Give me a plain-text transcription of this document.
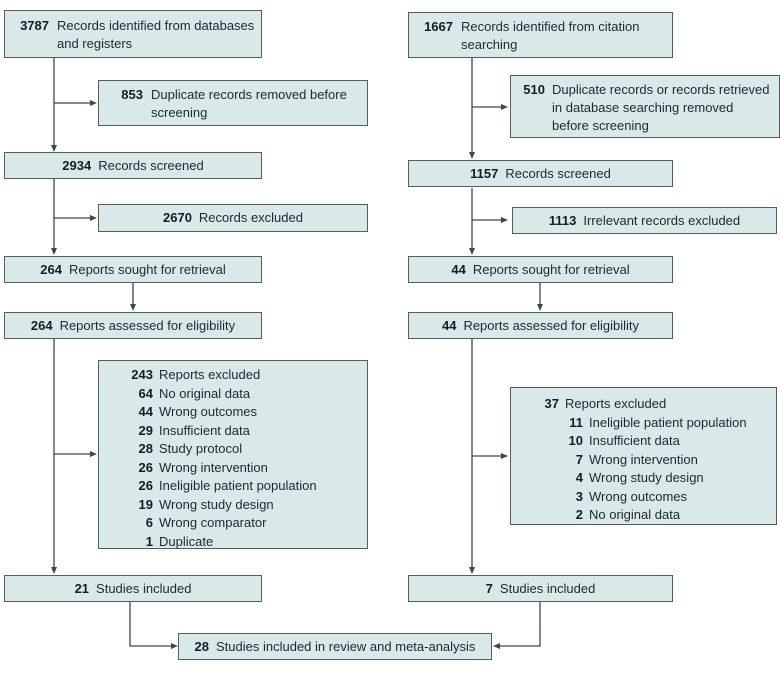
3787 Records identified from databases
and registers
853 Duplicate records removed before
screening
2934 Records screened
2670 Records excluded
264 Reports sought for retrieval
264 Reports assessed for eligibility
243 Reports excluded
64 No original data
44 Wrong outcomes
29 Insufficient data
28 Study protocol
26 Wrong intervention
26 Ineligible patient population
19 Wrong study design
6 Wrong comparator
1 Duplicate
21 Studies included
1667 Records identified from citation
searching
510 Duplicate records or records retrieved
in database searching removed
before screening
1157 Records screened
1113 Irrelevant records excluded
44 Reports sought for retrieval
44 Reports assessed for eligibility
37 Reports excluded
11 Ineligible patient population
10 Insufficient data
7 Wrong intervention
4 Wrong study design
3 Wrong outcomes
2 No original data
7 Studies included
28 Studies included in review and meta-analysis
